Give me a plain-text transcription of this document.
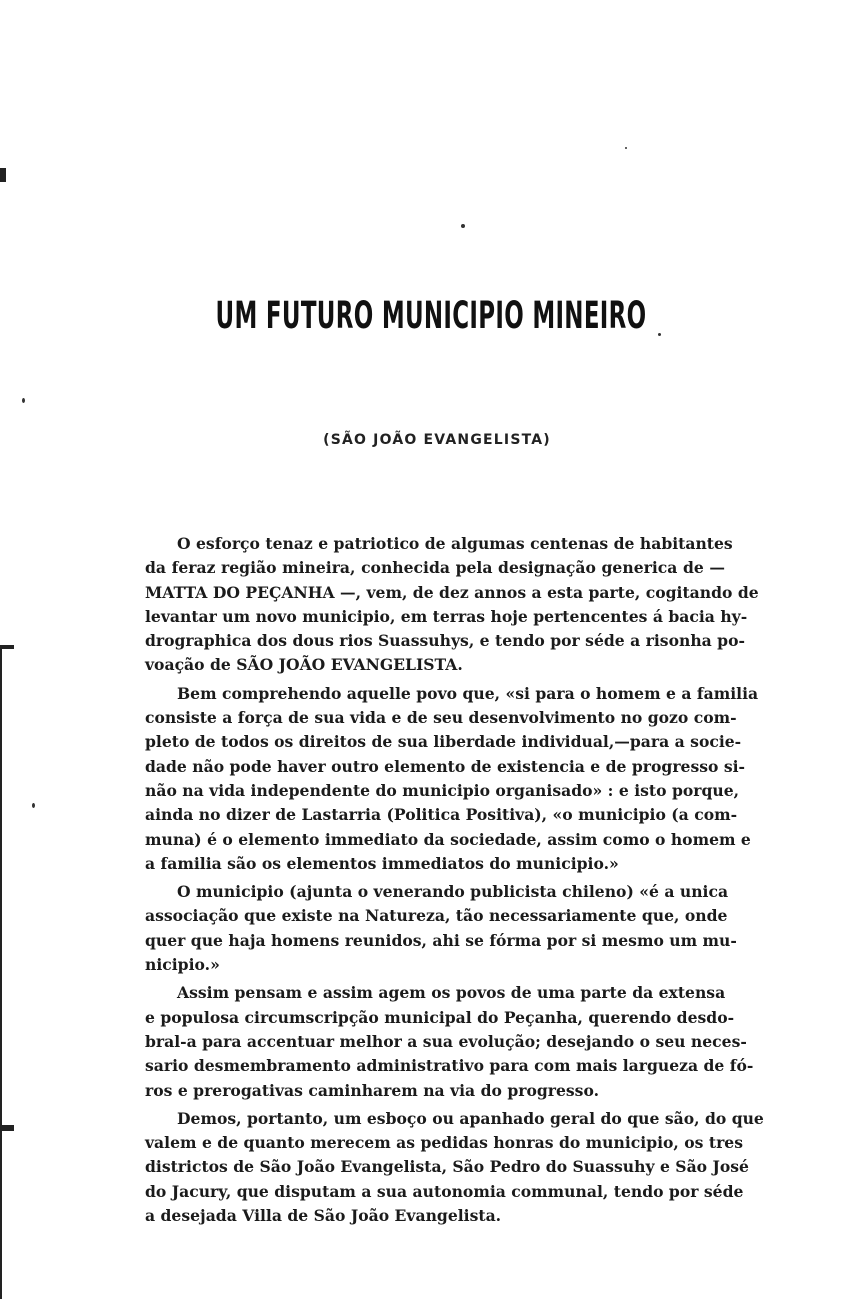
UM FUTURO MUNICIPIO MINEIRO
(SÃO JOÃO EVANGELISTA)
O esforço tenaz e patriotico de algumas centenas de habitantes
da feraz região mineira, conhecida pela designação generica de —
MATTA DO PEÇANHA —, vem, de dez annos a esta parte, cogitando de
levantar um novo municipio, em terras hoje pertencentes á bacia hy-
drographica dos dous rios Suassuhys, e tendo por séde a risonha po-
voação de SÃO JOÃO EVANGELISTA.
Bem comprehendo aquelle povo que, «si para o homem e a familia
consiste a força de sua vida e de seu desenvolvimento no gozo com-
pleto de todos os direitos de sua liberdade individual,—para a socie-
dade não pode haver outro elemento de existencia e de progresso si-
não na vida independente do municipio organisado» : e isto porque,
ainda no dizer de Lastarria (Politica Positiva), «o municipio (a com-
muna) é o elemento immediato da sociedade, assim como o homem e
a familia são os elementos immediatos do municipio.»
O municipio (ajunta o venerando publicista chileno) «é a unica
associação que existe na Natureza, tão necessariamente que, onde
quer que haja homens reunidos, ahi se fórma por si mesmo um mu-
nicipio.»
Assim pensam e assim agem os povos de uma parte da extensa
e populosa circumscripção municipal do Peçanha, querendo desdo-
bral-a para accentuar melhor a sua evolução; desejando o seu neces-
sario desmembramento administrativo para com mais largueza de fó-
ros e prerogativas caminharem na via do progresso.
Demos, portanto, um esboço ou apanhado geral do que são, do que
valem e de quanto merecem as pedidas honras do municipio, os tres
districtos de São João Evangelista, São Pedro do Suassuhy e São José
do Jacury, que disputam a sua autonomia communal, tendo por séde
a desejada Villa de São João Evangelista.
